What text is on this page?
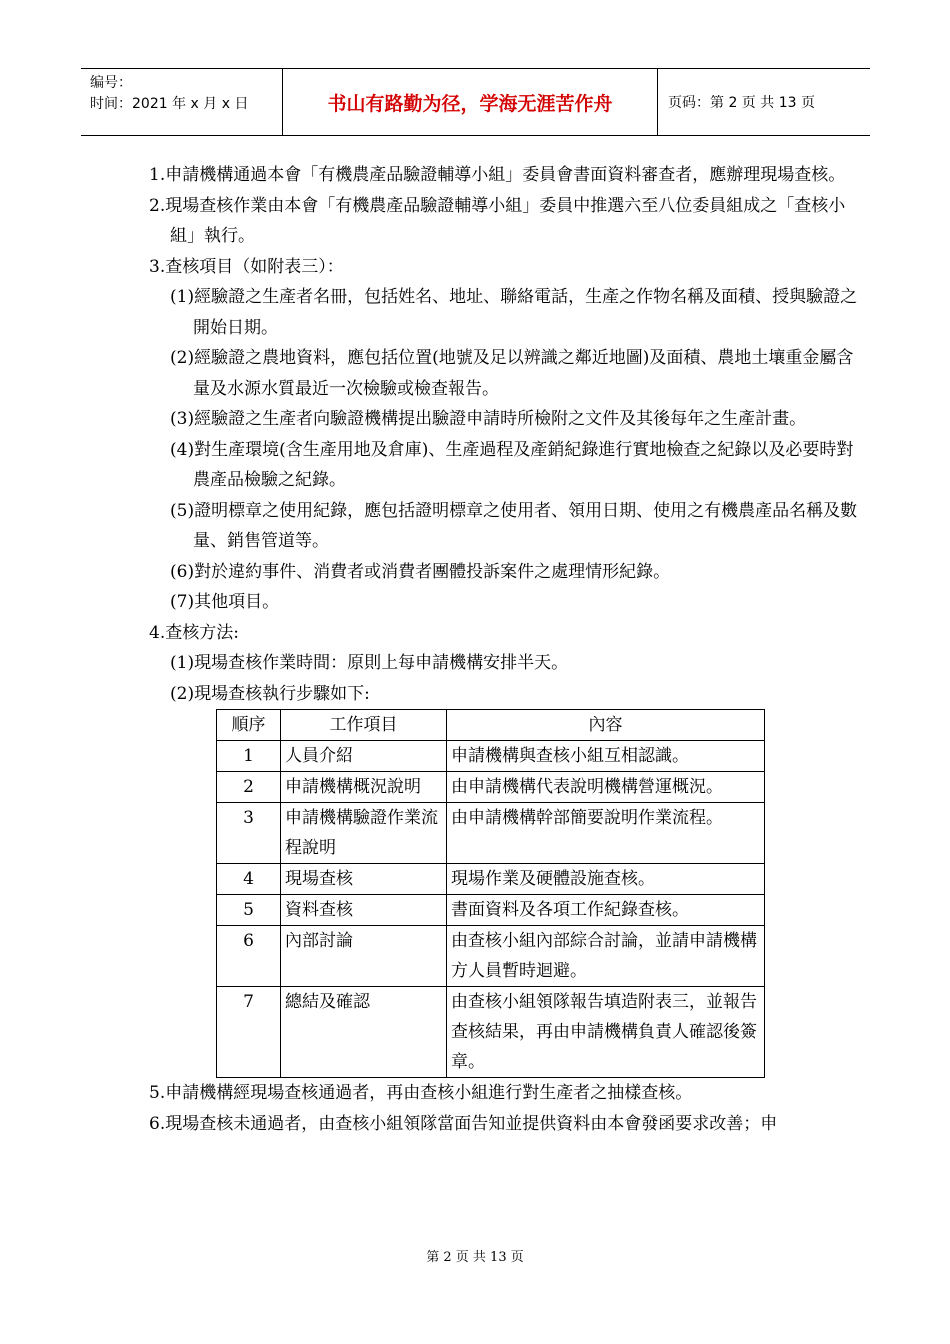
编号：
时间：2021 年 x 月 x 日	书山有路勤为径，学海无涯苦作舟	页码：第 2 页 共 13 页

1.申請機構通過本會「有機農產品驗證輔導小組」委員會書面資料審查者，應辦理現場查核。

2.現場查核作業由本會「有機農產品驗證輔導小組」委員中推選六至八位委員組成之「查核小組」執行。

3.查核項目（如附表三）：

(1)經驗證之生產者名冊，包括姓名、地址、聯絡電話，生產之作物名稱及面積、授與驗證之開始日期。

(2)經驗證之農地資料，應包括位置(地號及足以辨識之鄰近地圖)及面積、農地土壤重金屬含量及水源水質最近一次檢驗或檢查報告。

(3)經驗證之生產者向驗證機構提出驗證申請時所檢附之文件及其後每年之生產計畫。

(4)對生產環境(含生產用地及倉庫)、生產過程及產銷紀錄進行實地檢查之紀錄以及必要時對農產品檢驗之紀錄。

(5)證明標章之使用紀錄，應包括證明標章之使用者、領用日期、使用之有機農產品名稱及數量、銷售管道等。

(6)對於違約事件、消費者或消費者團體投訴案件之處理情形紀錄。

(7)其他項目。

4.查核方法:

(1)現場查核作業時間：原則上每申請機構安排半天。

(2)現場查核執行步驟如下:

順序	工作項目	內容
1	人員介紹	申請機構與查核小組互相認識。
2	申請機構概況說明	由申請機構代表說明機構營運概況。
3	申請機構驗證作業流程說明	由申請機構幹部簡要說明作業流程。
4	現場查核	現場作業及硬體設施查核。
5	資料查核	書面資料及各項工作紀錄查核。
6	內部討論	由查核小組內部綜合討論，並請申請機構方人員暫時迴避。
7	總結及確認	由查核小組領隊報告填造附表三，並報告查核結果，再由申請機構負責人確認後簽章。

5.申請機構經現場查核通過者，再由查核小組進行對生產者之抽樣查核。

6.現場查核未通過者，由查核小組領隊當面告知並提供資料由本會發函要求改善；申

第 2 页 共 13 页
